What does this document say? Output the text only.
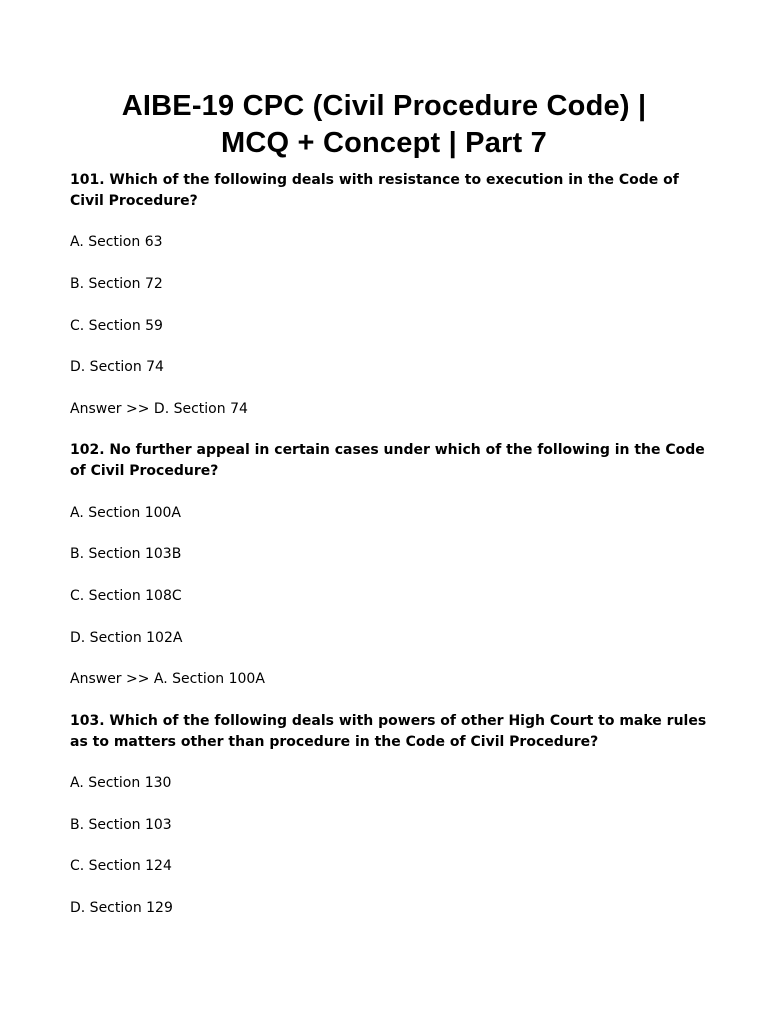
AIBE-19 CPC (Civil Procedure Code) |
MCQ + Concept | Part 7

101. Which of the following deals with resistance to execution in the Code of Civil Procedure?

A. Section 63

B. Section 72

C. Section 59

D. Section 74

Answer >> D. Section 74

102. No further appeal in certain cases under which of the following in the Code of Civil Procedure?

A. Section 100A

B. Section 103B

C. Section 108C

D. Section 102A

Answer >> A. Section 100A

103. Which of the following deals with powers of other High Court to make rules as to matters other than procedure in the Code of Civil Procedure?

A. Section 130

B. Section 103

C. Section 124

D. Section 129
